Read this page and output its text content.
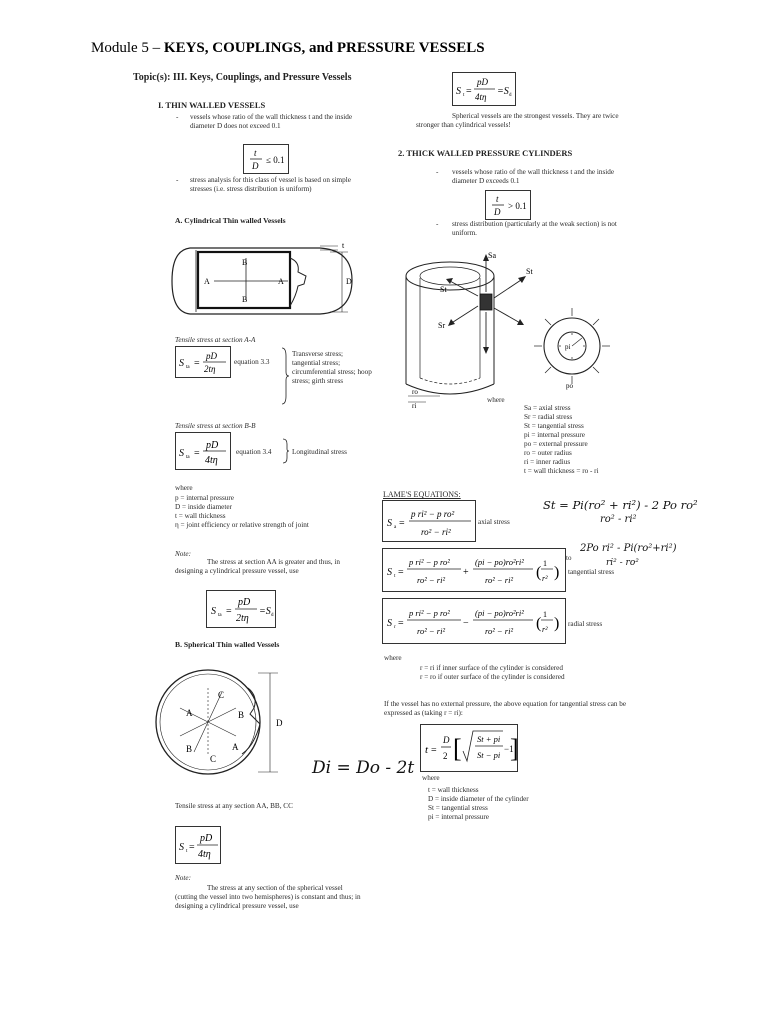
Module 5 – KEYS, COUPLINGS, and PRESSURE VESSELS
Topic(s): III. Keys, Couplings, and Pressure Vessels
I. THIN WALLED VESSELS
- vessels whose ratio of the wall thickness t and the inside diameter D does not exceed 0.1
t
D
≤ 0.1
- stress analysis for this class of vessel is based on simple stresses (i.e. stress distribution is uniform)
A. Cylindrical Thin walled Vessels
A	A
B
B
t
D
Tensile stress at section A-A
S ta =
pD
2tη
equation 3.3
Transverse stress; tangential stress; circumferential stress; hoop stress; girth stress
Tensile stress at section B-B
S ta =
pD
4tη
equation 3.4	Longitudinal stress
where
p = internal pressure
D = inside diameter
t = wall thickness
η = joint efficiency or relative strength of joint
Note:
The stress at section AA is greater and thus, in designing a cylindrical pressure vessel, use
S ta =
pD
2tη
=S d
B. Spherical Thin walled Vessels
A
A
B
B
C
C
D
Di = Do - 2t
Tensile stress at any section AA, BB, CC
S t =
pD
4tη
Note:
The stress at any section of the spherical vessel (cutting the vessel into two hemispheres) is constant and thus; in designing a cylindrical pressure vessel, use
S t =
pD
4tη =S d
Spherical vessels are the strongest vessels. They are twice stronger than cylindrical vessels!
2. THICK WALLED PRESSURE CYLINDERS
- vessels whose ratio of the wall thickness t and the inside diameter D exceeds 0.1
t
D
> 0.1
- stress distribution (particularly at the weak section) is not uniform.
Sa
St
St
Sr
ro
ri
pi
po
where
Sa = axial stress
Sr = radial stress
St = tangential stress
pi = internal pressure
po = external pressure
ro = outer radius
ri = inner radius
t = wall thickness = ro - ri
LAME'S EQUATIONS:
S a =
p ri² − p ro²
ro² − ri²
axial stress
St = Pi(ro² + ri²) - 2 Po ro²
ro² - ri²
S t =
p ri² − p ro²
ro² − ri²
+
(pi − po)ro²ri²
ro² − ri² (
1
r² )
to
tangential stress
2Po ri² - Pi(ro²+ri²)
ri² - ro²
S r =
p ri² − p ro²
ro² − ri²
−
(pi − po)ro²ri²
ro² − ri² (
1
r² ) radial stress
where
r = ri if inner surface of the cylinder is considered
r = ro if outer surface of the cylinder is considered
If the vessel has no external pressure, the above equation for tangential stress can be expressed as (taking r = ri):
t =
D
2 [ St + pi
St − pi
−1
where
t = wall thickness
D = inside diameter of the cylinder
St = tangential stress
pi = internal pressure
